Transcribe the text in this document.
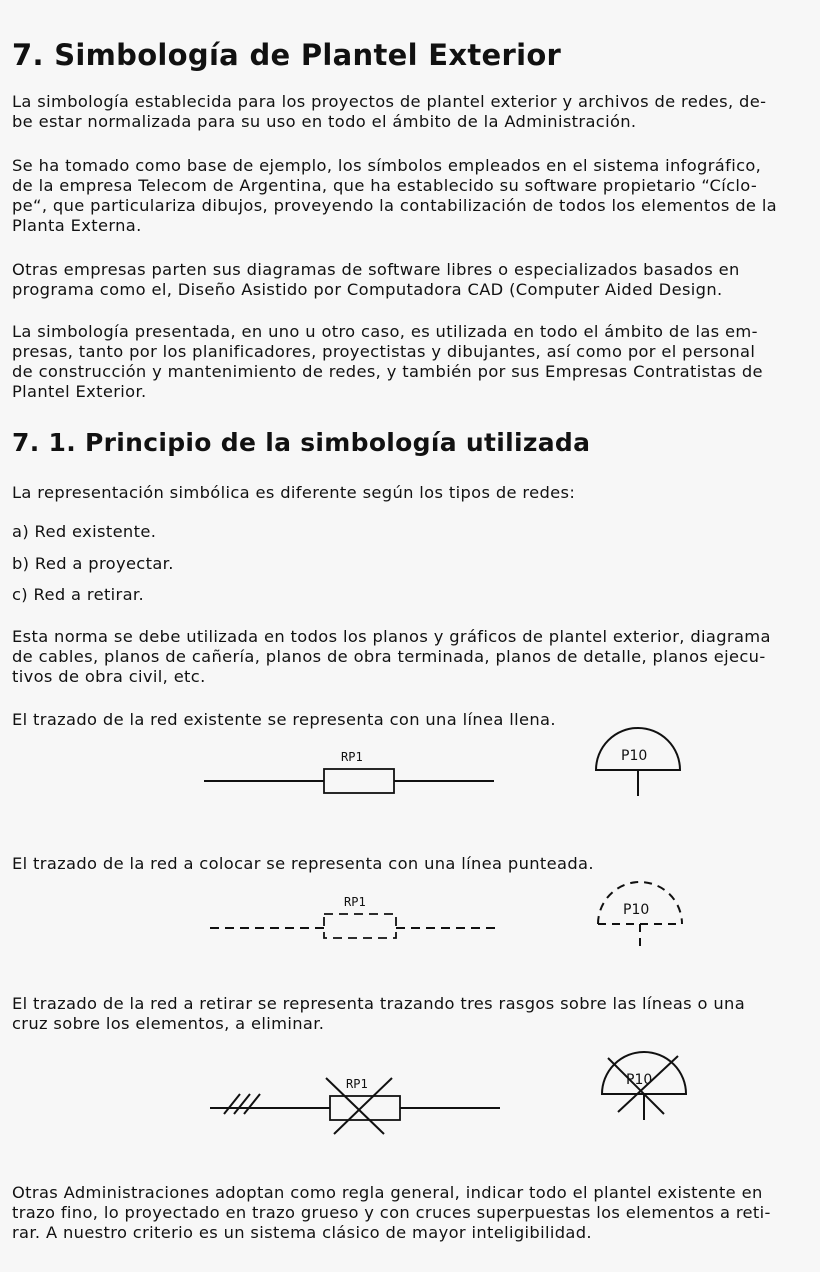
7. Simbología de Plantel Exterior

La simbología establecida para los proyectos de plantel exterior y archivos de redes, de-
be estar normalizada para su uso en todo el ámbito de la Administración.

Se ha tomado como base de ejemplo, los símbolos empleados en el sistema infográfico,
de la empresa Telecom de Argentina, que ha establecido su software propietario “Cíclo-
pe“, que particulariza dibujos, proveyendo la contabilización de todos los elementos de la
Planta Externa.

Otras empresas parten sus diagramas de software libres o especializados basados en
programa como el, Diseño Asistido por Computadora CAD (Computer Aided Design.

La simbología presentada, en uno u otro caso, es utilizada en todo el ámbito de las em-
presas, tanto por los planificadores, proyectistas y dibujantes, así como por el personal
de construcción y mantenimiento de redes, y también por sus Empresas Contratistas de
Plantel Exterior.

7. 1. Principio de la simbología utilizada

La representación simbólica es diferente según los tipos de redes:

a) Red existente.

b) Red a proyectar.

c) Red a retirar.

Esta norma se debe utilizada en todos los planos y gráficos de plantel exterior, diagrama
de cables, planos de cañería, planos de obra terminada, planos de detalle, planos ejecu-
tivos de obra civil, etc.

El trazado de la red existente se representa con una línea llena.

El trazado de la red a colocar se representa con una línea punteada.

El trazado de la red a retirar se representa trazando tres rasgos sobre las líneas o una
cruz sobre los elementos, a eliminar.

Otras Administraciones adoptan como regla general, indicar todo el plantel existente en
trazo fino, lo proyectado en trazo grueso y con cruces superpuestas los elementos a reti-
rar. A nuestro criterio es un sistema clásico de mayor inteligibilidad.

RP1	P10
RP1	P10
RP1	P10
